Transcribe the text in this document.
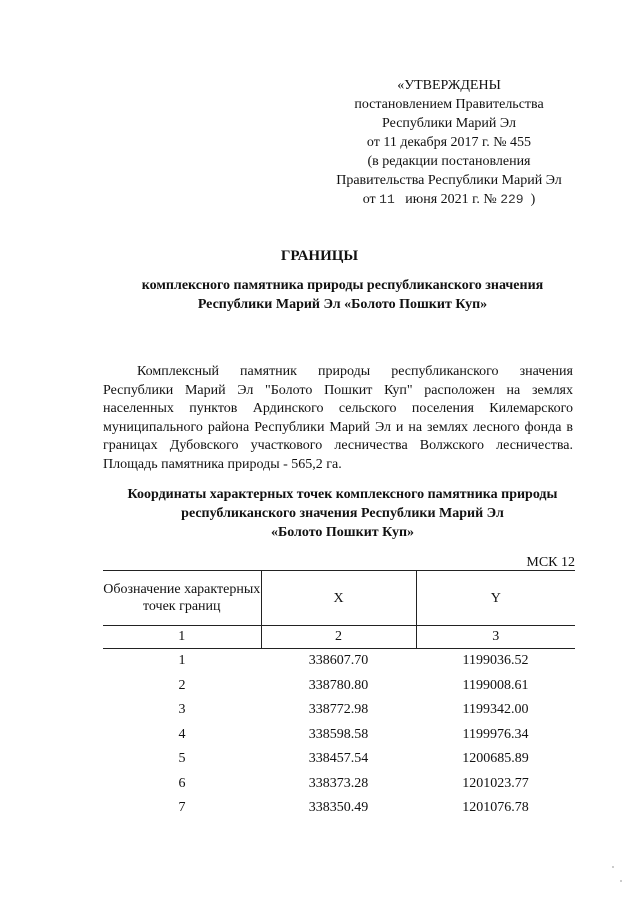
«УТВЕРЖДЕНЫ
постановлением Правительства
Республики Марий Эл
от 11 декабря 2017 г. № 455
(в редакции постановления
Правительства Республики Марий Эл
от 11 июня 2021 г. № 229 )
ГРАНИЦЫ
комплексного памятника природы республиканского значения
Республики Марий Эл «Болото Пошкит Куп»
Комплексный памятник природы республиканского значения Республики Марий Эл "Болото Пошкит Куп" расположен на землях населенных пунктов Ардинского сельского поселения Килемарского муниципального района Республики Марий Эл и на землях лесного фонда в границах Дубовского участкового лесничества Волжского лесничества. Площадь памятника природы - 565,2 га.
Координаты характерных точек комплексного памятника природы
республиканского значения Республики Марий Эл
«Болото Пошкит Куп»
МСК 12
Обозначение характерных точек границ	X	Y
1	2	3
1	338607.70	1199036.52
2	338780.80	1199008.61
3	338772.98	1199342.00
4	338598.58	1199976.34
5	338457.54	1200685.89
6	338373.28	1201023.77
7	338350.49	1201076.78
